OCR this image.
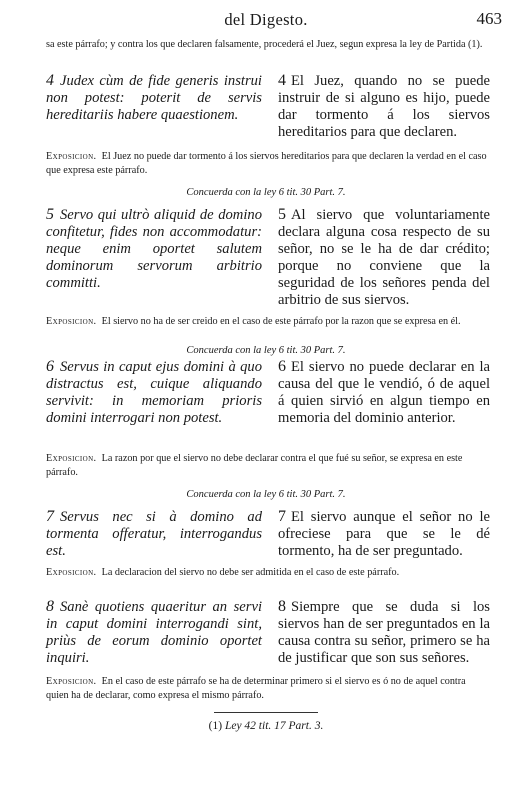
del Digesto.	463
sa este párrafo; y contra los que declaren falsamente, procederá el Juez, segun expresa la ley de Partida (1).
4 Judex cùm de fide generis instrui non potest: poterit de servis hereditariis habere quaestionem.
4 El Juez, quando no se puede instruir de si alguno es hijo, puede dar tormento á los siervos hereditarios para que declaren.
Exposicion. El Juez no puede dar tormento á los siervos hereditarios para que declaren la verdad en el caso que expresa este párrafo.
Concuerda con la ley 6 tit. 30 Part. 7.
5 Servo qui ultrò aliquid de domino confitetur, fides non accommodatur: neque enim oportet salutem dominorum servorum arbitrio committi.
5 Al siervo que voluntariamente declara alguna cosa respecto de su señor, no se le ha de dar crédito; porque no conviene que la seguridad de los señores penda del arbitrio de sus siervos.
Exposicion. El siervo no ha de ser creido en el caso de este párrafo por la razon que se expresa en él.
Concuerda con la ley 6 tit. 30 Part. 7.
6 Servus in caput ejus domini à quo distractus est, cuique aliquando servivit: in memoriam prioris domini interrogari non potest.
6 El siervo no puede declarar en la causa del que le vendió, ó de aquel á quien sirvió en algun tiempo en memoria del dominio anterior.
Exposicion. La razon por que el siervo no debe declarar contra el que fué su señor, se expresa en este párrafo.
Concuerda con la ley 6 tit. 30 Part. 7.
7 Servus nec si à domino ad tormenta offeratur, interrogandus est.
7 El siervo aunque el señor no le ofreciese para que se le dé tormento, ha de ser preguntado.
Exposicion. La declaracion del siervo no debe ser admitida en el caso de este párrafo.
8 Sanè quotiens quaeritur an servi in caput domini interrogandi sint, priùs de eorum dominio oportet inquiri.
8 Siempre que se duda si los siervos han de ser preguntados en la causa contra su señor, primero se ha de justificar que son sus señores.
Exposicion. En el caso de este párrafo se ha de determinar primero si el siervo es ó no de aquel contra quien ha de declarar, como expresa el mismo párrafo.
(1) Ley 42 tit. 17 Part. 3.
